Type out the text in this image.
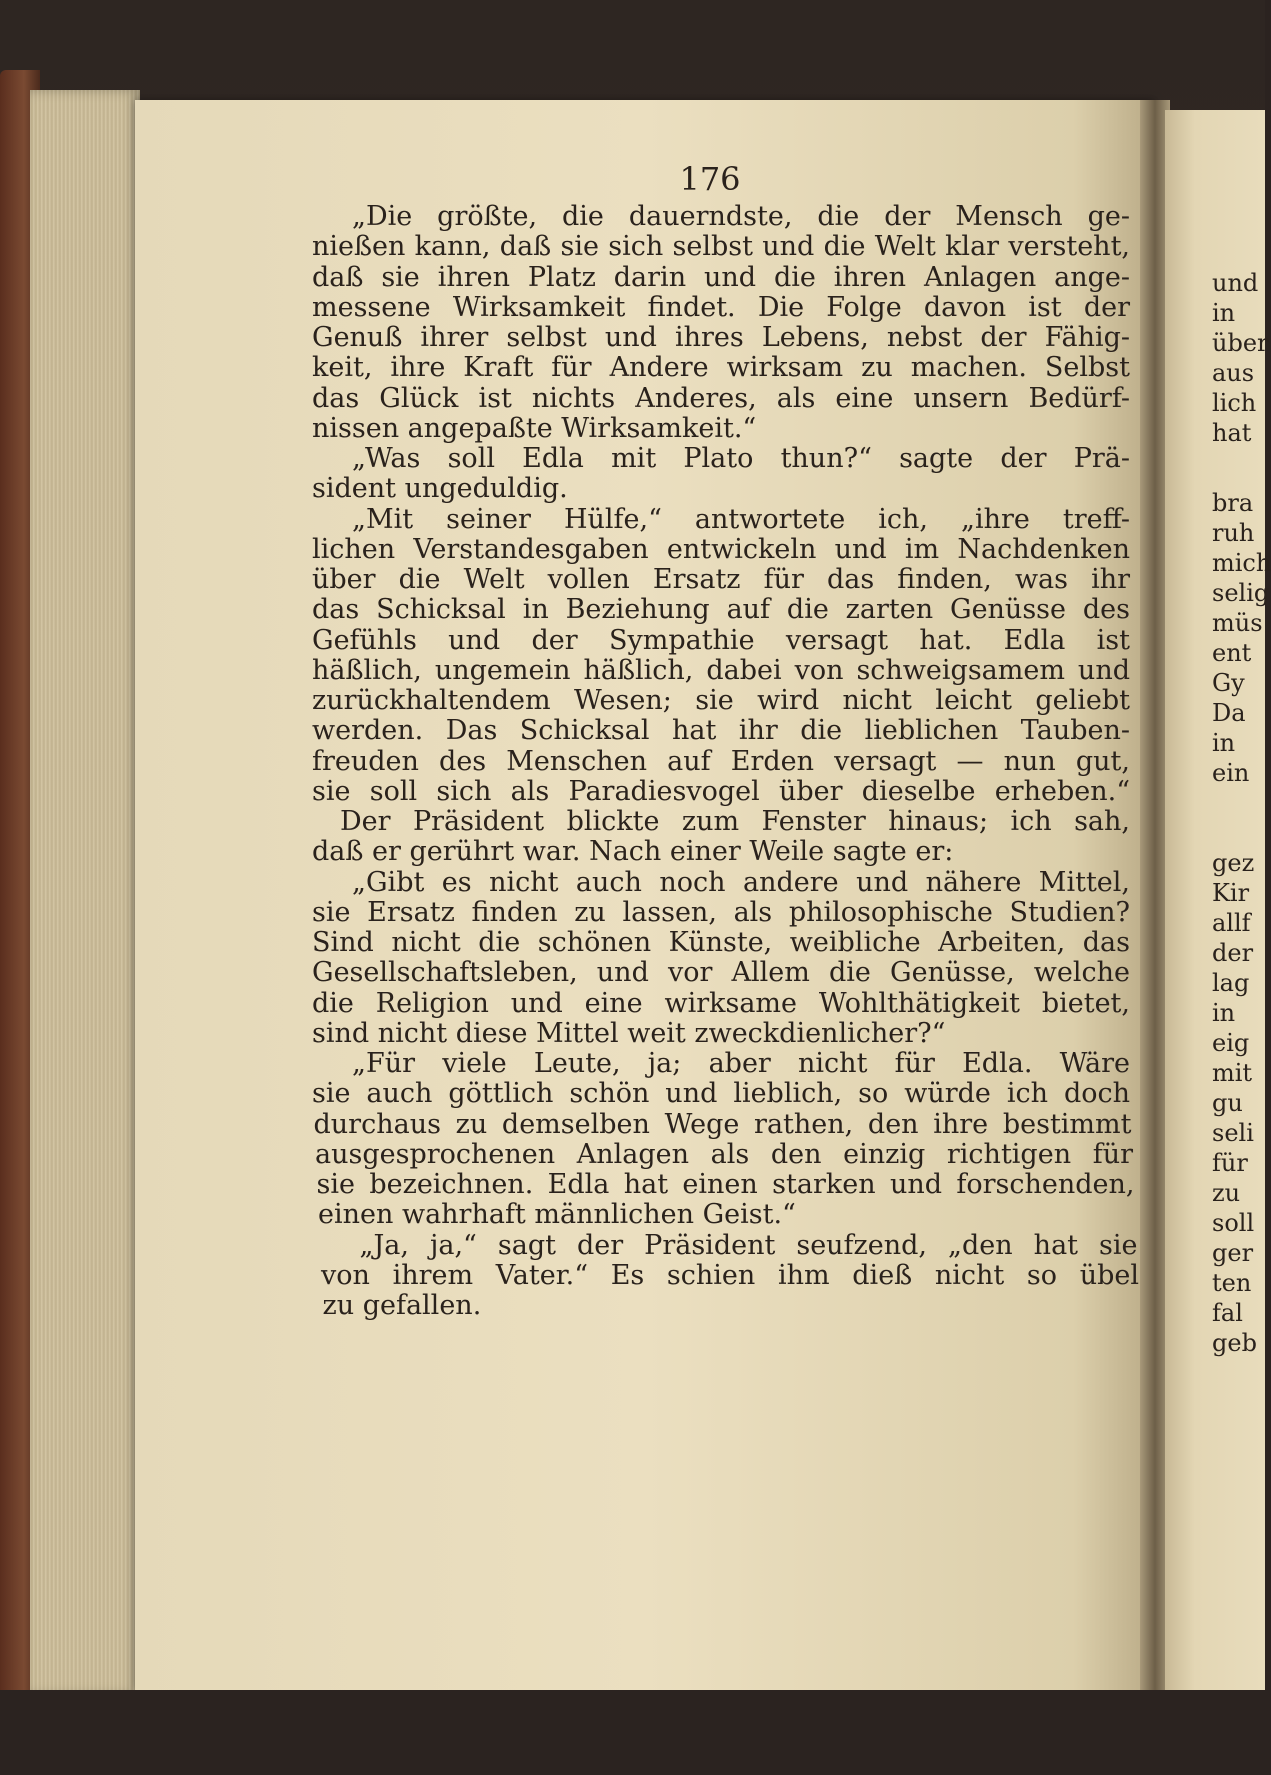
176
„Die größte, die dauerndste, die der Mensch ge-
nießen kann, daß sie sich selbst und die Welt klar versteht,
daß sie ihren Platz darin und die ihren Anlagen ange-
messene Wirksamkeit findet. Die Folge davon ist der
Genuß ihrer selbst und ihres Lebens, nebst der Fähig-
keit, ihre Kraft für Andere wirksam zu machen. Selbst
das Glück ist nichts Anderes, als eine unsern Bedürf-
nissen angepaßte Wirksamkeit.“
„Was soll Edla mit Plato thun?“ sagte der Prä-
sident ungeduldig.
„Mit seiner Hülfe,“ antwortete ich, „ihre treff-
lichen Verstandesgaben entwickeln und im Nachdenken
über die Welt vollen Ersatz für das finden, was ihr
das Schicksal in Beziehung auf die zarten Genüsse des
Gefühls und der Sympathie versagt hat. Edla ist
häßlich, ungemein häßlich, dabei von schweigsamem und
zurückhaltendem Wesen; sie wird nicht leicht geliebt
werden. Das Schicksal hat ihr die lieblichen Tauben-
freuden des Menschen auf Erden versagt — nun gut,
sie soll sich als Paradiesvogel über dieselbe erheben.“
Der Präsident blickte zum Fenster hinaus; ich sah,
daß er gerührt war. Nach einer Weile sagte er:
„Gibt es nicht auch noch andere und nähere Mittel,
sie Ersatz finden zu lassen, als philosophische Studien?
Sind nicht die schönen Künste, weibliche Arbeiten, das
Gesellschaftsleben, und vor Allem die Genüsse, welche
die Religion und eine wirksame Wohlthätigkeit bietet,
sind nicht diese Mittel weit zweckdienlicher?“
„Für viele Leute, ja; aber nicht für Edla. Wäre
sie auch göttlich schön und lieblich, so würde ich doch
durchaus zu demselben Wege rathen, den ihre bestimmt
ausgesprochenen Anlagen als den einzig richtigen für
sie bezeichnen. Edla hat einen starken und forschenden,
einen wahrhaft männlichen Geist.“
„Ja, ja,“ sagt der Präsident seufzend, „den hat sie
von ihrem Vater.“ Es schien ihm dieß nicht so übel
zu gefallen.
und
in
über
aus
lich
hat
bra
ruh
mich
selig
müs
ent
Gy
Da
in
ein
gez
Kir
allf
der
lag
in
eig
mit
gu
seli
für
zu
soll
ger
ten
fal
geb
